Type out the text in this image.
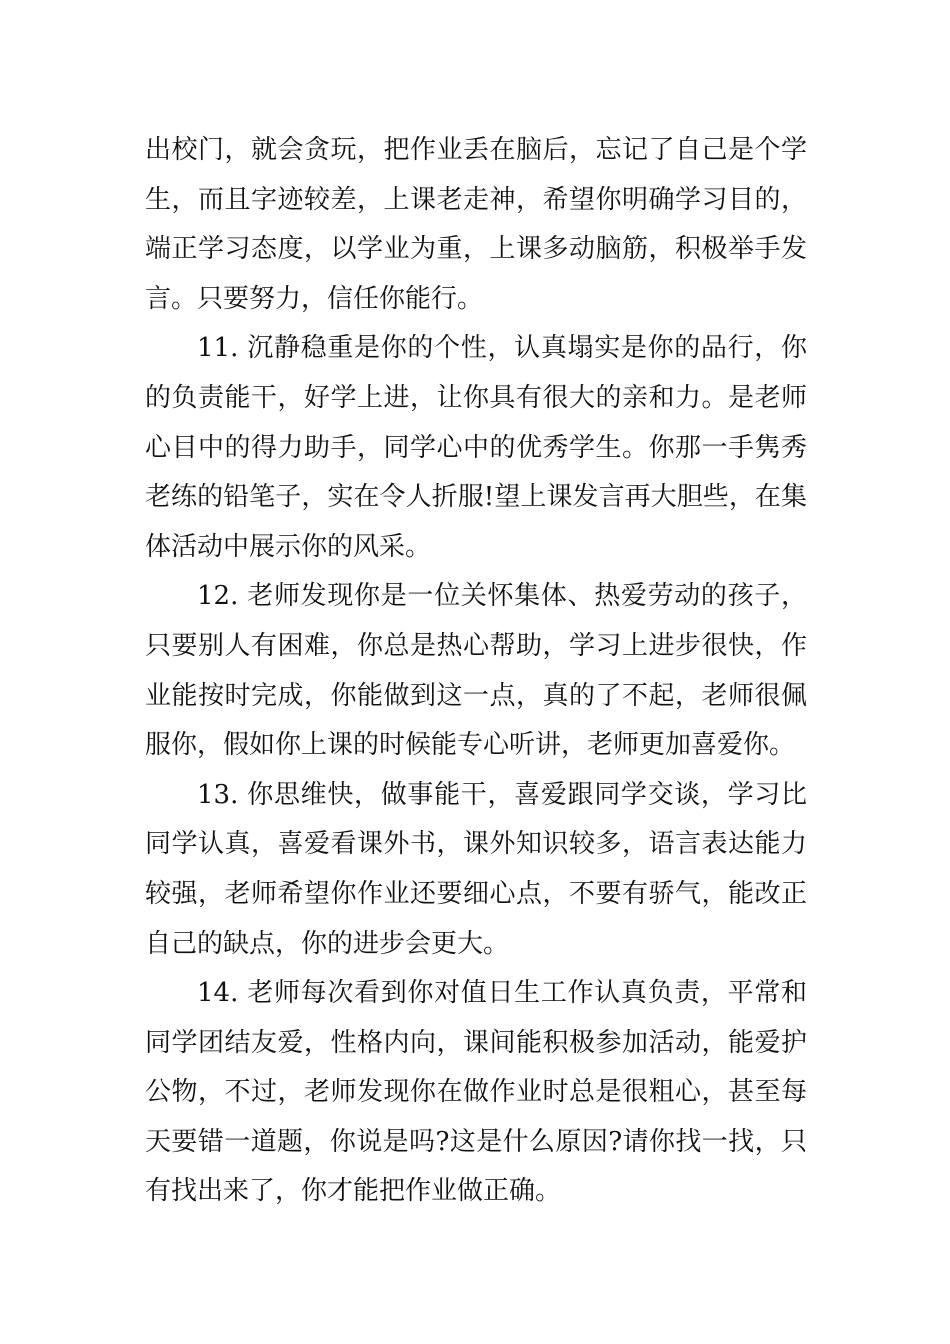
出校门，就会贪玩，把作业丢在脑后，忘记了自己是个学生，而且字迹较差，上课老走神，希望你明确学习目的，端正学习态度，以学业为重，上课多动脑筋，积极举手发言。只要努力，信任你能行。

11. 沉静稳重是你的个性，认真塌实是你的品行，你的负责能干，好学上进，让你具有很大的亲和力。是老师心目中的得力助手，同学心中的优秀学生。你那一手隽秀老练的铅笔子，实在令人折服!望上课发言再大胆些，在集体活动中展示你的风采。

12. 老师发现你是一位关怀集体、热爱劳动的孩子，只要别人有困难，你总是热心帮助，学习上进步很快，作业能按时完成，你能做到这一点，真的了不起，老师很佩服你，假如你上课的时候能专心听讲，老师更加喜爱你。

13. 你思维快，做事能干，喜爱跟同学交谈，学习比同学认真，喜爱看课外书，课外知识较多，语言表达能力较强，老师希望你作业还要细心点，不要有骄气，能改正自己的缺点，你的进步会更大。

14. 老师每次看到你对值日生工作认真负责，平常和同学团结友爱，性格内向，课间能积极参加活动，能爱护公物，不过，老师发现你在做作业时总是很粗心，甚至每天要错一道题，你说是吗?这是什么原因?请你找一找，只有找出来了，你才能把作业做正确。
